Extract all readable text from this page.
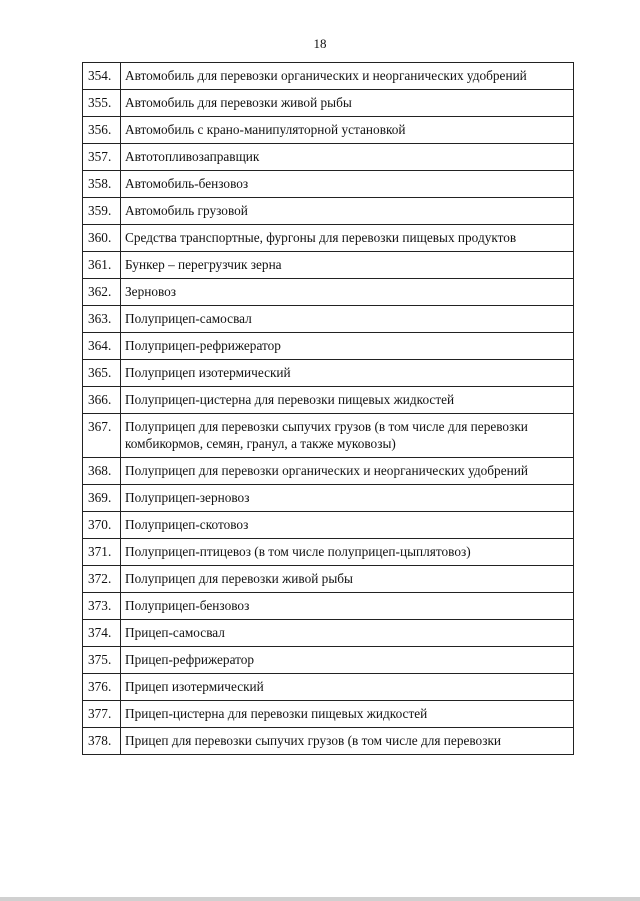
18
354.	Автомобиль для перевозки органических и неорганических удобрений
355.	Автомобиль для перевозки живой рыбы
356.	Автомобиль с крано-манипуляторной установкой
357.	Автотопливозаправщик
358.	Автомобиль-бензовоз
359.	Автомобиль грузовой
360.	Средства транспортные, фургоны для перевозки пищевых продуктов
361.	Бункер – перегрузчик зерна
362.	Зерновоз
363.	Полуприцеп-самосвал
364.	Полуприцеп-рефрижератор
365.	Полуприцеп изотермический
366.	Полуприцеп-цистерна для перевозки пищевых жидкостей
367.	Полуприцеп для перевозки сыпучих грузов (в том числе для перевозки комбикормов, семян, гранул, а также муковозы)
368.	Полуприцеп для перевозки органических и неорганических удобрений
369.	Полуприцеп-зерновоз
370.	Полуприцеп-скотовоз
371.	Полуприцеп-птицевоз (в том числе полуприцеп-цыплятовоз)
372.	Полуприцеп для перевозки живой рыбы
373.	Полуприцеп-бензовоз
374.	Прицеп-самосвал
375.	Прицеп-рефрижератор
376.	Прицеп изотермический
377.	Прицеп-цистерна для перевозки пищевых жидкостей
378.	Прицеп для перевозки сыпучих грузов (в том числе для перевозки
